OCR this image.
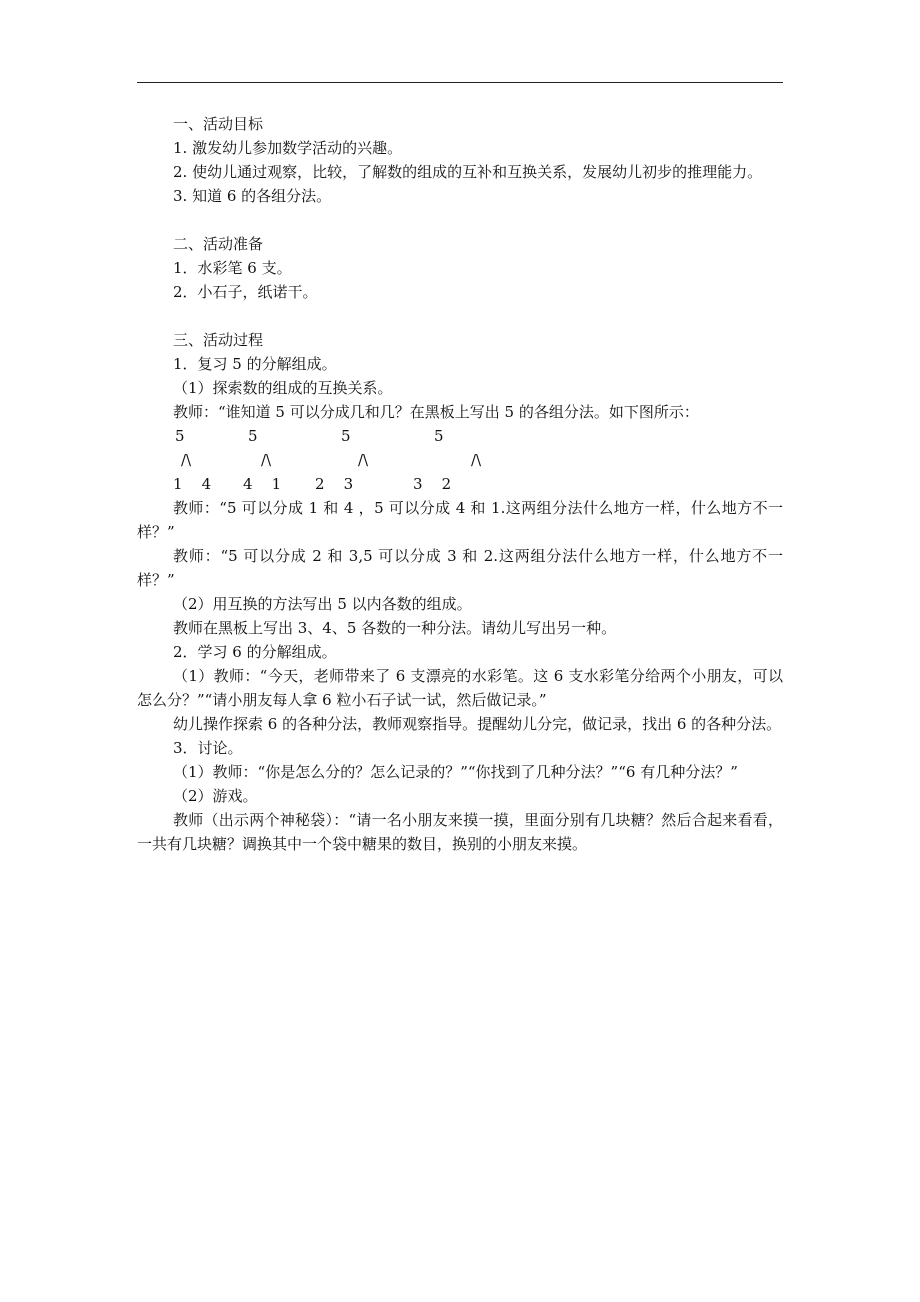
一、活动目标

1. 激发幼儿参加数学活动的兴趣。

2. 使幼儿通过观察，比较，了解数的组成的互补和互换关系，发展幼儿初步的推理能力。

3. 知道 6 的各组分法。

二、活动准备

1．水彩笔 6 支。

2．小石子，纸诺干。

三、活动过程

1．复习 5 的分解组成。

（1）探索数的组成的互换关系。

教师：“谁知道 5 可以分成几和几？在黑板上写出 5 的各组分法。如下图所示：

5	5	5	5
/\	/\	/\	/\
1    4 4    1 2    3	3    2

教师：“5 可以分成 1 和 4 ，5 可以分成 4 和 1.这两组分法什么地方一样，什么地方不一样？”

教师：“5 可以分成 2 和 3,5 可以分成 3 和 2.这两组分法什么地方一样，什么地方不一样？”

（2）用互换的方法写出 5 以内各数的组成。

教师在黑板上写出 3、4、5 各数的一种分法。请幼儿写出另一种。

2．学习 6 的分解组成。

（1）教师：“今天，老师带来了 6 支漂亮的水彩笔。这 6 支水彩笔分给两个小朋友，可以怎么分？”“请小朋友每人拿 6 粒小石子试一试，然后做记录。”

幼儿操作探索 6 的各种分法，教师观察指导。提醒幼儿分完，做记录，找出 6 的各种分法。

3．讨论。

（1）教师：“你是怎么分的？怎么记录的？”“你找到了几种分法？”“6 有几种分法？”

（2）游戏。

教师（出示两个神秘袋）：“请一名小朋友来摸一摸，里面分别有几块糖？然后合起来看看，一共有几块糖？调换其中一个袋中糖果的数目，换别的小朋友来摸。
